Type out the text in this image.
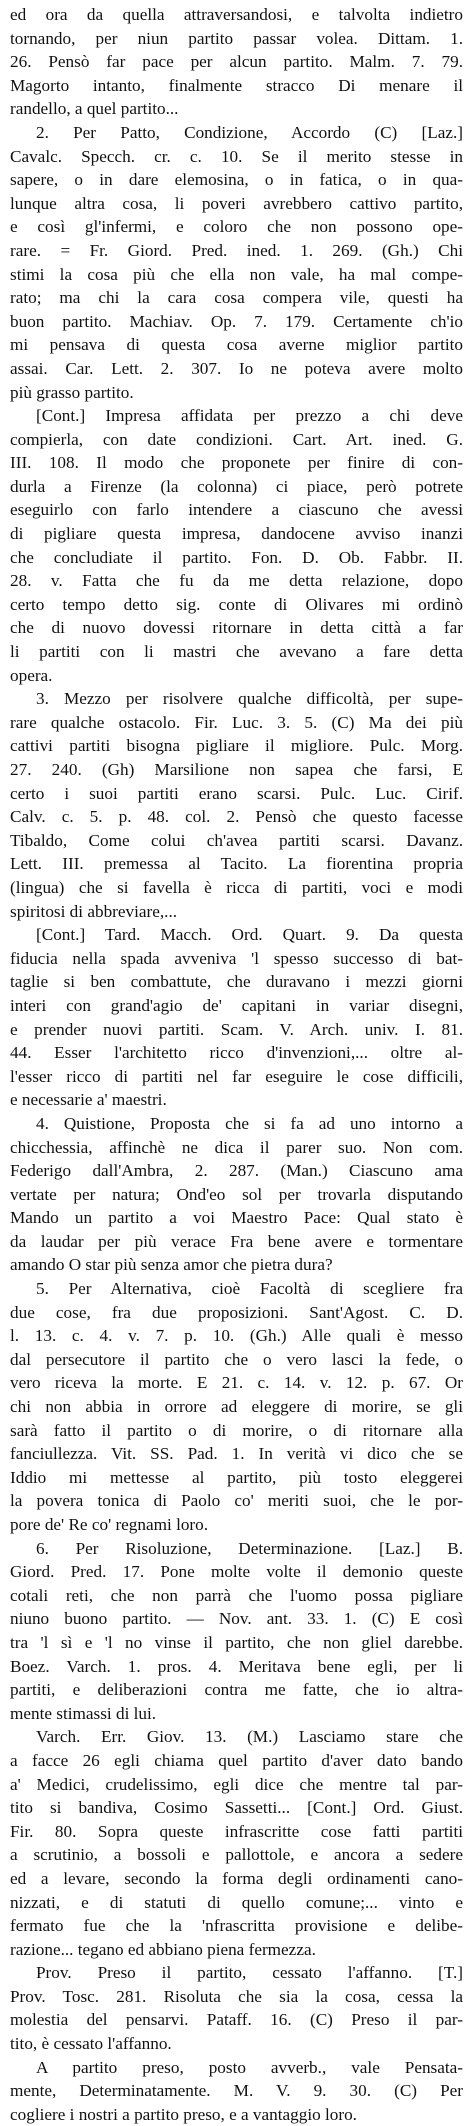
ed ora da quella attraversandosi, e talvolta indietro
tornando, per niun partito passar volea. Dittam. 1.
26. Pensò far pace per alcun partito. Malm. 7. 79.
Magorto intanto, finalmente stracco Di menare il
randello, a quel partito...
2. Per Patto, Condizione, Accordo (C) [Laz.]
Cavalc. Specch. cr. c. 10. Se il merito stesse in
sapere, o in dare elemosina, o in fatica, o in qua-
lunque altra cosa, li poveri avrebbero cattivo partito,
e così gl'infermi, e coloro che non possono ope-
rare. = Fr. Giord. Pred. ined. 1. 269. (Gh.) Chi
stimi la cosa più che ella non vale, ha mal compe-
rato; ma chi la cara cosa compera vile, questi ha
buon partito. Machiav. Op. 7. 179. Certamente ch'io
mi pensava di questa cosa averne miglior partito
assai. Car. Lett. 2. 307. Io ne poteva avere molto
più grasso partito.
[Cont.] Impresa affidata per prezzo a chi deve
compierla, con date condizioni. Cart. Art. ined. G.
III. 108. Il modo che proponete per finire di con-
durla a Firenze (la colonna) ci piace, però potrete
eseguirlo con farlo intendere a ciascuno che avessi
di pigliare questa impresa, dandocene avviso inanzi
che concludiate il partito. Fon. D. Ob. Fabbr. II.
28. v. Fatta che fu da me detta relazione, dopo
certo tempo detto sig. conte di Olivares mi ordinò
che di nuovo dovessi ritornare in detta città a far
li partiti con li mastri che avevano a fare detta
opera.
3. Mezzo per risolvere qualche difficoltà, per supe-
rare qualche ostacolo. Fir. Luc. 3. 5. (C) Ma dei più
cattivi partiti bisogna pigliare il migliore. Pulc. Morg.
27. 240. (Gh) Marsilione non sapea che farsi, E
certo i suoi partiti erano scarsi. Pulc. Luc. Cirif.
Calv. c. 5. p. 48. col. 2. Pensò che questo facesse
Tibaldo, Come colui ch'avea partiti scarsi. Davanz.
Lett. III. premessa al Tacito. La fiorentina propria
(lingua) che si favella è ricca di partiti, voci e modi
spiritosi di abbreviare,...
[Cont.] Tard. Macch. Ord. Quart. 9. Da questa
fiducia nella spada avveniva 'l spesso successo di bat-
taglie si ben combattute, che duravano i mezzi giorni
interi con grand'agio de' capitani in variar disegni,
e prender nuovi partiti. Scam. V. Arch. univ. I. 81.
44. Esser l'architetto ricco d'invenzioni,... oltre al-
l'esser ricco di partiti nel far eseguire le cose difficili,
e necessarie a' maestri.
4. Quistione, Proposta che si fa ad uno intorno a
chicchessia, affinchè ne dica il parer suo. Non com.
Federigo dall'Ambra, 2. 287. (Man.) Ciascuno ama
vertate per natura; Ond'eo sol per trovarla disputando
Mando un partito a voi Maestro Pace: Qual stato è
da laudar per più verace Fra bene avere e tormentare
amando O star più senza amor che pietra dura?
5. Per Alternativa, cioè Facoltà di scegliere fra
due cose, fra due proposizioni. Sant'Agost. C. D.
l. 13. c. 4. v. 7. p. 10. (Gh.) Alle quali è messo
dal persecutore il partito che o vero lasci la fede, o
vero riceva la morte. E 21. c. 14. v. 12. p. 67. Or
chi non abbia in orrore ad eleggere di morire, se gli
sarà fatto il partito o di morire, o di ritornare alla
fanciullezza. Vit. SS. Pad. 1. In verità vi dico che se
Iddio mi mettesse al partito, più tosto eleggerei
la povera tonica di Paolo co' meriti suoi, che le por-
pore de' Re co' regnami loro.
6. Per Risoluzione, Determinazione. [Laz.] B.
Giord. Pred. 17. Pone molte volte il demonio queste
cotali reti, che non parrà che l'uomo possa pigliare
niuno buono partito. — Nov. ant. 33. 1. (C) E così
tra 'l sì e 'l no vinse il partito, che non gliel darebbe.
Boez. Varch. 1. pros. 4. Meritava bene egli, per li
partiti, e deliberazioni contra me fatte, che io altra-
mente stimassi di lui.
Varch. Err. Giov. 13. (M.) Lasciamo stare che
a facce 26 egli chiama quel partito d'aver dato bando
a' Medici, crudelissimo, egli dice che mentre tal par-
tito si bandiva, Cosimo Sassetti... [Cont.] Ord. Giust.
Fir. 80. Sopra queste infrascritte cose fatti partiti
a scrutinio, a bossoli e pallottole, e ancora a sedere
ed a levare, secondo la forma degli ordinamenti cano-
nizzati, e di statuti di quello comune;... vinto e
fermato fue che la 'nfrascritta provisione e delibe-
razione... tegano ed abbiano piena fermezza.
Prov. Preso il partito, cessato l'affanno. [T.]
Prov. Tosc. 281. Risoluta che sia la cosa, cessa la
molestia del pensarvi. Pataff. 16. (C) Preso il par-
tito, è cessato l'affanno.
A partito preso, posto avverb., vale Pensata-
mente, Determinatamente. M. V. 9. 30. (C) Per
cogliere i nostri a partito preso, e a vantaggio loro.
